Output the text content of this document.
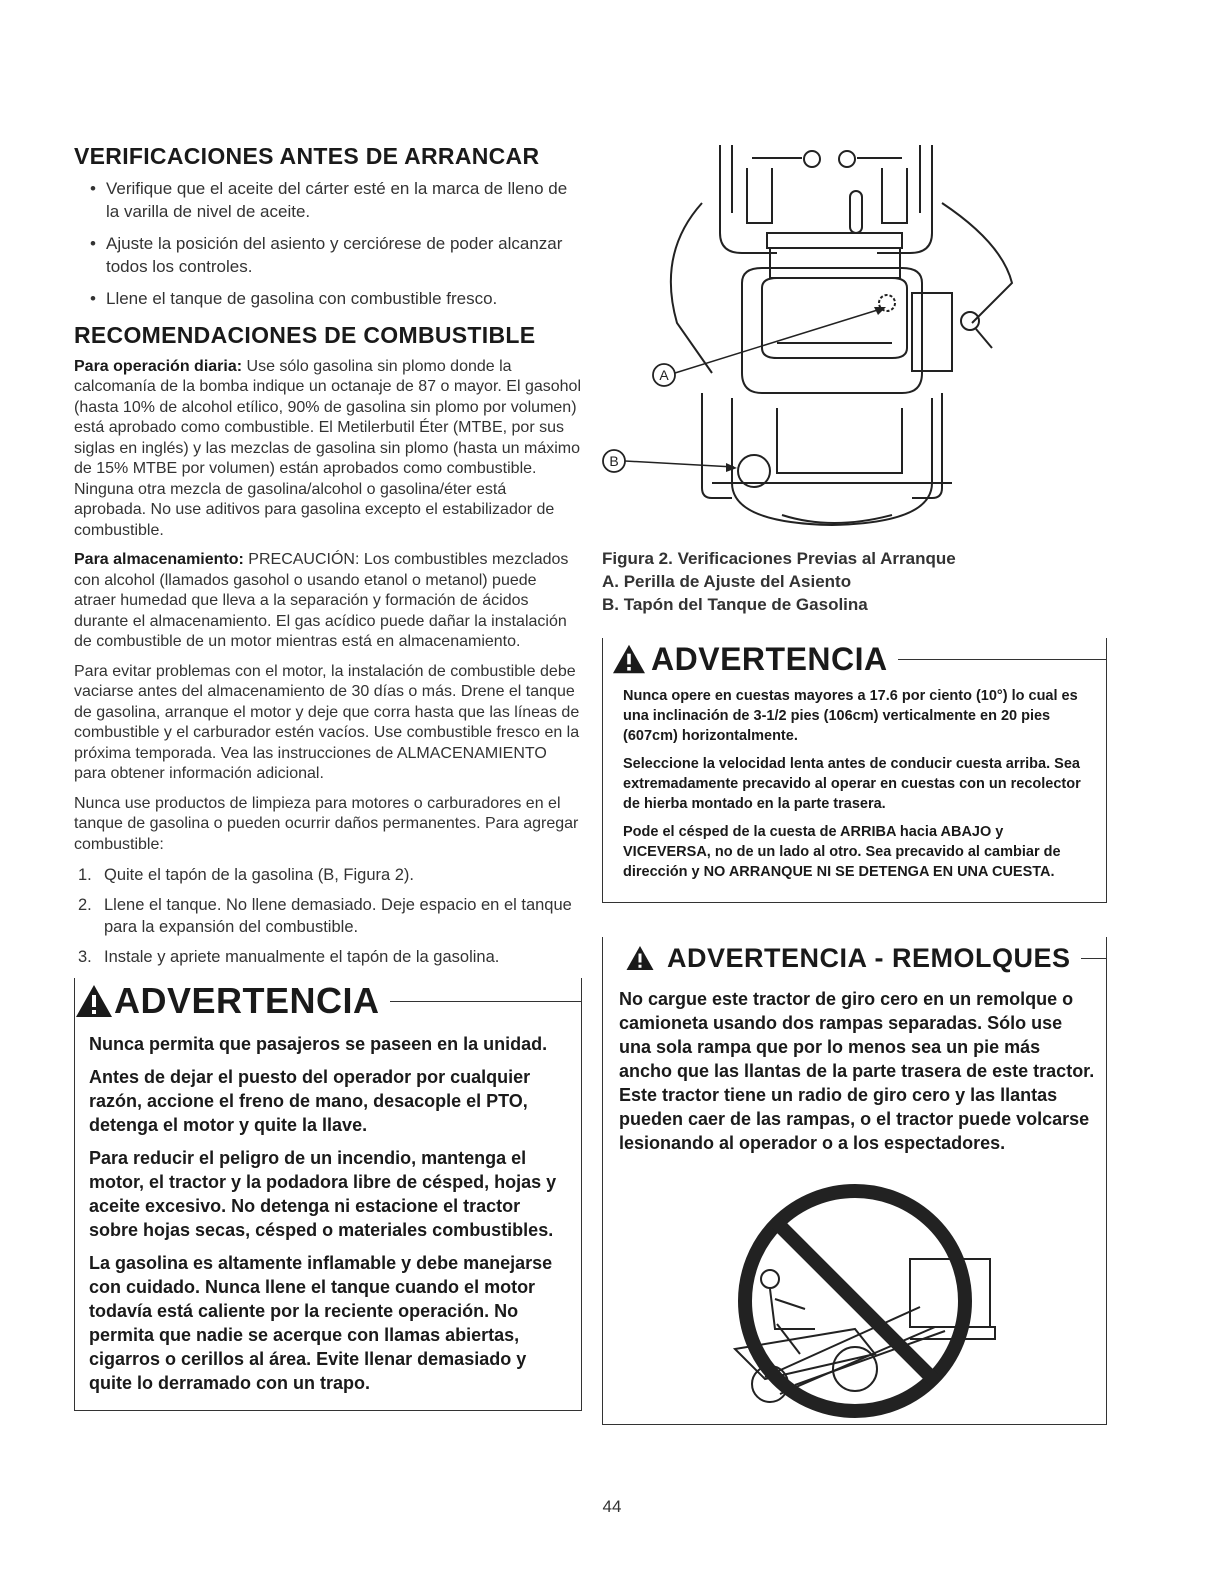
VERIFICACIONES ANTES DE ARRANCAR
• Verifique que el aceite del cárter esté en la marca de lleno de la varilla de nivel de aceite.
• Ajuste la posición del asiento y cerciórese de poder alcanzar todos los controles.
• Llene el tanque de gasolina con combustible fresco.
RECOMENDACIONES DE COMBUSTIBLE

Para operación diaria: Use sólo gasolina sin plomo donde la calcomanía de la bomba indique un octanaje de 87 o mayor. El gasohol (hasta 10% de alcohol etílico, 90% de gasolina sin plomo por volumen) está aprobado como combustible. El Metilerbutil Éter (MTBE, por sus siglas en inglés) y las mezclas de gasolina sin plomo (hasta un máximo de 15% MTBE por volumen) están aprobados como combustible. Ninguna otra mezcla de gasolina/alcohol o gasolina/éter está aprobada. No use aditivos para gasolina excepto el estabilizador de combustible.

Para almacenamiento: PRECAUCIÓN: Los combustibles mezclados con alcohol (llamados gasohol o usando etanol o metanol) puede atraer humedad que lleva a la separación y formación de ácidos durante el almacenamiento. El gas acídico puede dañar la instalación de combustible de un motor mientras está en almacenamiento.

Para evitar problemas con el motor, la instalación de combustible debe vaciarse antes del almacenamiento de 30 días o más. Drene el tanque de gasolina, arranque el motor y deje que corra hasta que las líneas de combustible y el carburador estén vacíos. Use combustible fresco en la próxima temporada. Vea las instrucciones de ALMACENAMIENTO para obtener información adicional.

Nunca use productos de limpieza para motores o carburadores en el tanque de gasolina o pueden ocurrir daños permanentes. Para agregar combustible:

1. Quite el tapón de la gasolina (B, Figura 2).
2. Llene el tanque. No llene demasiado. Deje espacio en el tanque para la expansión del combustible.
3. Instale y apriete manualmente el tapón de la gasolina.
ADVERTENCIA

Nunca permita que pasajeros se paseen en la unidad.

Antes de dejar el puesto del operador por cualquier razón, accione el freno de mano, desacople el PTO, detenga el motor y quite la llave.

Para reducir el peligro de un incendio, mantenga el motor, el tractor y la podadora libre de césped, hojas y aceite excesivo. No detenga ni estacione el tractor sobre hojas secas, césped o materiales combustibles.

La gasolina es altamente inflamable y debe manejarse con cuidado. Nunca llene el tanque cuando el motor todavía está caliente por la reciente operación. No permita que nadie se acerque con llamas abiertas, cigarros o cerillos al área. Evite llenar demasiado y quite lo derramado con un trapo.

A
B
Figura 2. Verificaciones Previas al Arranque
A. Perilla de Ajuste del Asiento
B. Tapón del Tanque de Gasolina
ADVERTENCIA

Nunca opere en cuestas mayores a 17.6 por ciento (10°) lo cual es una inclinación de 3-1/2 pies (106cm) verticalmente en 20 pies (607cm) horizontalmente.

Seleccione la velocidad lenta antes de conducir cuesta arriba. Sea extremadamente precavido al operar en cuestas con un recolector de hierba montado en la parte trasera.

Pode el césped de la cuesta de ARRIBA hacia ABAJO y VICEVERSA, no de un lado al otro. Sea precavido al cambiar de dirección y NO ARRANQUE NI SE DETENGA EN UNA CUESTA.

ADVERTENCIA - REMOLQUES

No cargue este tractor de giro cero en un remolque o camioneta usando dos rampas separadas. Sólo use una sola rampa que por lo menos sea un pie más ancho que las llantas de la parte trasera de este tractor. Este tractor tiene un radio de giro cero y las llantas pueden caer de las rampas, o el tractor puede volcarse lesionando al operador o a los espectadores.

44
